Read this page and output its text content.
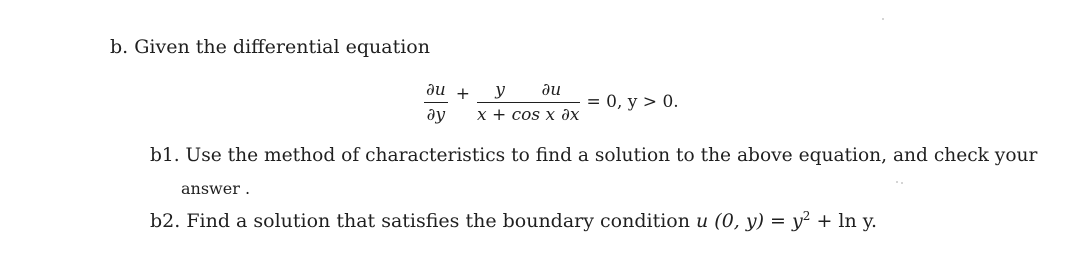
b. Given the differential equation
$\frac{\partial u}{\partial y} + \frac{y \partial u}{\text{x + cos x ∂x}} = 0$, y > 0.
b1. Use the method of characteristics to find a solution to the above equation, and check your
answer .
b2. Find a solution that satisfies the boundary condition u (0, $y) = y^2 + \ln y$.
